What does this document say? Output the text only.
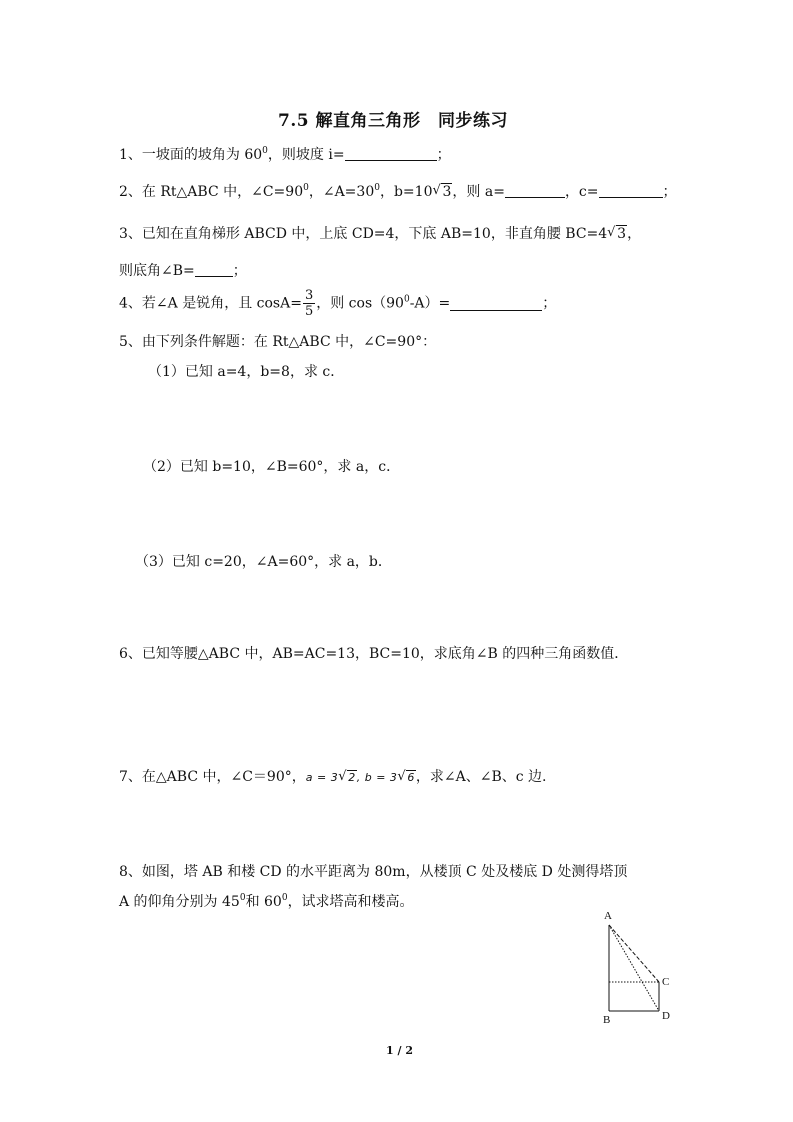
7.5 解直角三角形　同步练习
1、一坡面的坡角为 $60^0$，则坡度 i=	；
2、在 Rt△ABC 中，$\angle C=90^0$，$\angle A=30^0$，b=10 √ 3，则 a=	，c=	；
3、已知在直角梯形 ABCD 中，上底 CD=4，下底 AB=10，非直角腰 BC=4 √ 3，
则底角∠B=	；
4、若∠A 是锐角，且 $\cos A= \frac{3}{5}$ ，则 $\cos(90^0-A)=$	；
5、由下列条件解题：在 Rt△ABC 中，∠C=90°：
（1）已知 a=4，b=8，求 c．
（2）已知 b=10，∠B=60°，求 a，c．
（3）已知 c=20，∠A=60°，求 a，b．
6、已知等腰△ABC 中，AB=AC=13，BC=10，求底角∠B 的四种三角函数值．
7、在△ABC 中，∠C＝90°，a = 3 √ 2, b = 3 √ 6，求∠A、∠B、c 边.
8、如图，塔 AB 和楼 CD 的水平距离为 80m，从楼顶 C 处及楼底 D 处测得塔顶
A 的仰角分别为 $45^0$和 $60^0$，试求塔高和楼高。
A
B
C
D
1 / 2
